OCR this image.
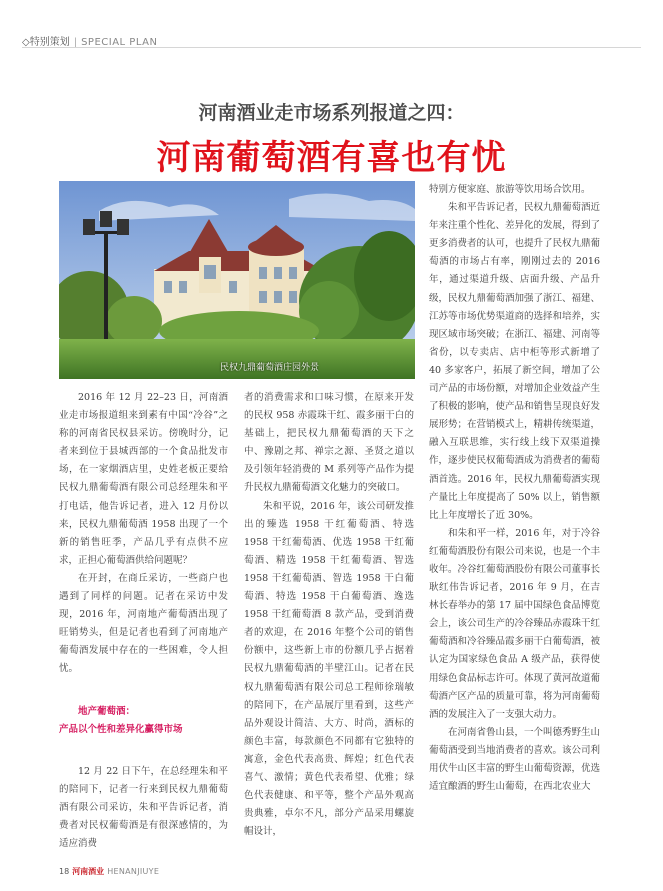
◇特别策划 | SPECIAL PLAN
河南酒业走市场系列报道之四：
河南葡萄酒有喜也有忧
民权九鼎葡萄酒庄园外景

2016 年 12 月 22–23 日，河南酒业走市场报道组来到素有中国“冷谷”之称的河南省民权县采访。傍晚时分，记者来到位于县城西部的一个食品批发市场，在一家烟酒店里，史姓老板正要给民权九鼎葡萄酒有限公司总经理朱和平打电话，他告诉记者，进入 12 月份以来，民权九鼎葡萄酒 1958 出现了一个新的销售旺季，产品几乎有点供不应求，正担心葡萄酒供给问题呢？

在开封，在商丘采访，一些商户也遇到了同样的问题。记者在采访中发现，2016 年，河南地产葡萄酒出现了旺销势头，但是记者也看到了河南地产葡萄酒发展中存在的一些困难，令人担忧。

地产葡萄酒：
产品以个性和差异化赢得市场

12 月 22 日下午，在总经理朱和平的陪同下，记者一行来到民权九鼎葡萄酒有限公司采访，朱和平告诉记者，消费者对民权葡萄酒是有很深感情的，为适应消费

者的消费需求和口味习惯，在原来开发的民权 958 赤霞珠干红、霞多丽干白的基础上，把民权九鼎葡萄酒的天下之中、豫剧之邦、禅宗之源、圣贤之道以及引领年轻消费的 M 系列等产品作为提升民权九鼎葡萄酒文化魅力的突破口。

朱和平说，2016 年，该公司研发推出的臻选 1958 干红葡萄酒、特选 1958 干红葡萄酒、优选 1958 干红葡萄酒、精选 1958 干红葡萄酒、智选 1958 干红葡萄酒、智选 1958 干白葡萄酒、特选 1958 干白葡萄酒、逸选 1958 干红葡萄酒 8 款产品，受到消费者的欢迎，在 2016 年整个公司的销售份额中，这些新上市的份额几乎占据着民权九鼎葡萄酒的半壁江山。记者在民权九鼎葡萄酒有限公司总工程师徐瑞敏的陪同下，在产品展厅里看到，这些产品外观设计简洁、大方、时尚，酒标的颜色丰富，每款颜色不同都有它独特的寓意，金色代表高贵、辉煌；红色代表喜气、激情；黄色代表希望、优雅；绿色代表健康、和平等，整个产品外观高贵典雅，卓尔不凡，部分产品采用螺旋帽设计，

特别方便家庭、旅游等饮用场合饮用。

朱和平告诉记者，民权九鼎葡萄酒近年来注重个性化、差异化的发展，得到了更多消费者的认可，也提升了民权九鼎葡萄酒的市场占有率，刚刚过去的 2016 年，通过渠道升级、店面升级、产品升级，民权九鼎葡萄酒加强了浙江、福建、江苏等市场优势渠道商的选择和培养，实现区域市场突破；在浙江、福建、河南等省份，以专卖店、店中柜等形式新增了 40 多家客户，拓展了新空间，增加了公司产品的市场份额，对增加企业效益产生了积极的影响，使产品和销售呈现良好发展形势；在营销模式上，精耕传统渠道，融入互联思维，实行线上线下双渠道操作，逐步使民权葡萄酒成为消费者的葡萄酒首选。2016 年，民权九鼎葡萄酒实现产量比上年度提高了 50% 以上，销售额比上年度增长了近 30%。

和朱和平一样，2016 年，对于冷谷红葡萄酒股份有限公司来说，也是一个丰收年。冷谷红葡萄酒股份有限公司董事长耿红伟告诉记者，2016 年 9 月，在吉林长春举办的第 17 届中国绿色食品博览会上，该公司生产的冷谷臻品赤霞珠干红葡萄酒和冷谷臻品霞多丽干白葡萄酒，被认定为国家绿色食品 A 级产品，获得使用绿色食品标志许可。体现了黄河故道葡萄酒产区产品的质量可靠，将为河南葡萄酒的发展注入了一支强大动力。

在河南省鲁山县，一个叫德秀野生山葡萄酒受到当地消费者的喜欢。该公司利用伏牛山区丰富的野生山葡萄资源，优选适宜酿酒的野生山葡萄，在西北农业大

18 河南酒业 HENANJIUYE
